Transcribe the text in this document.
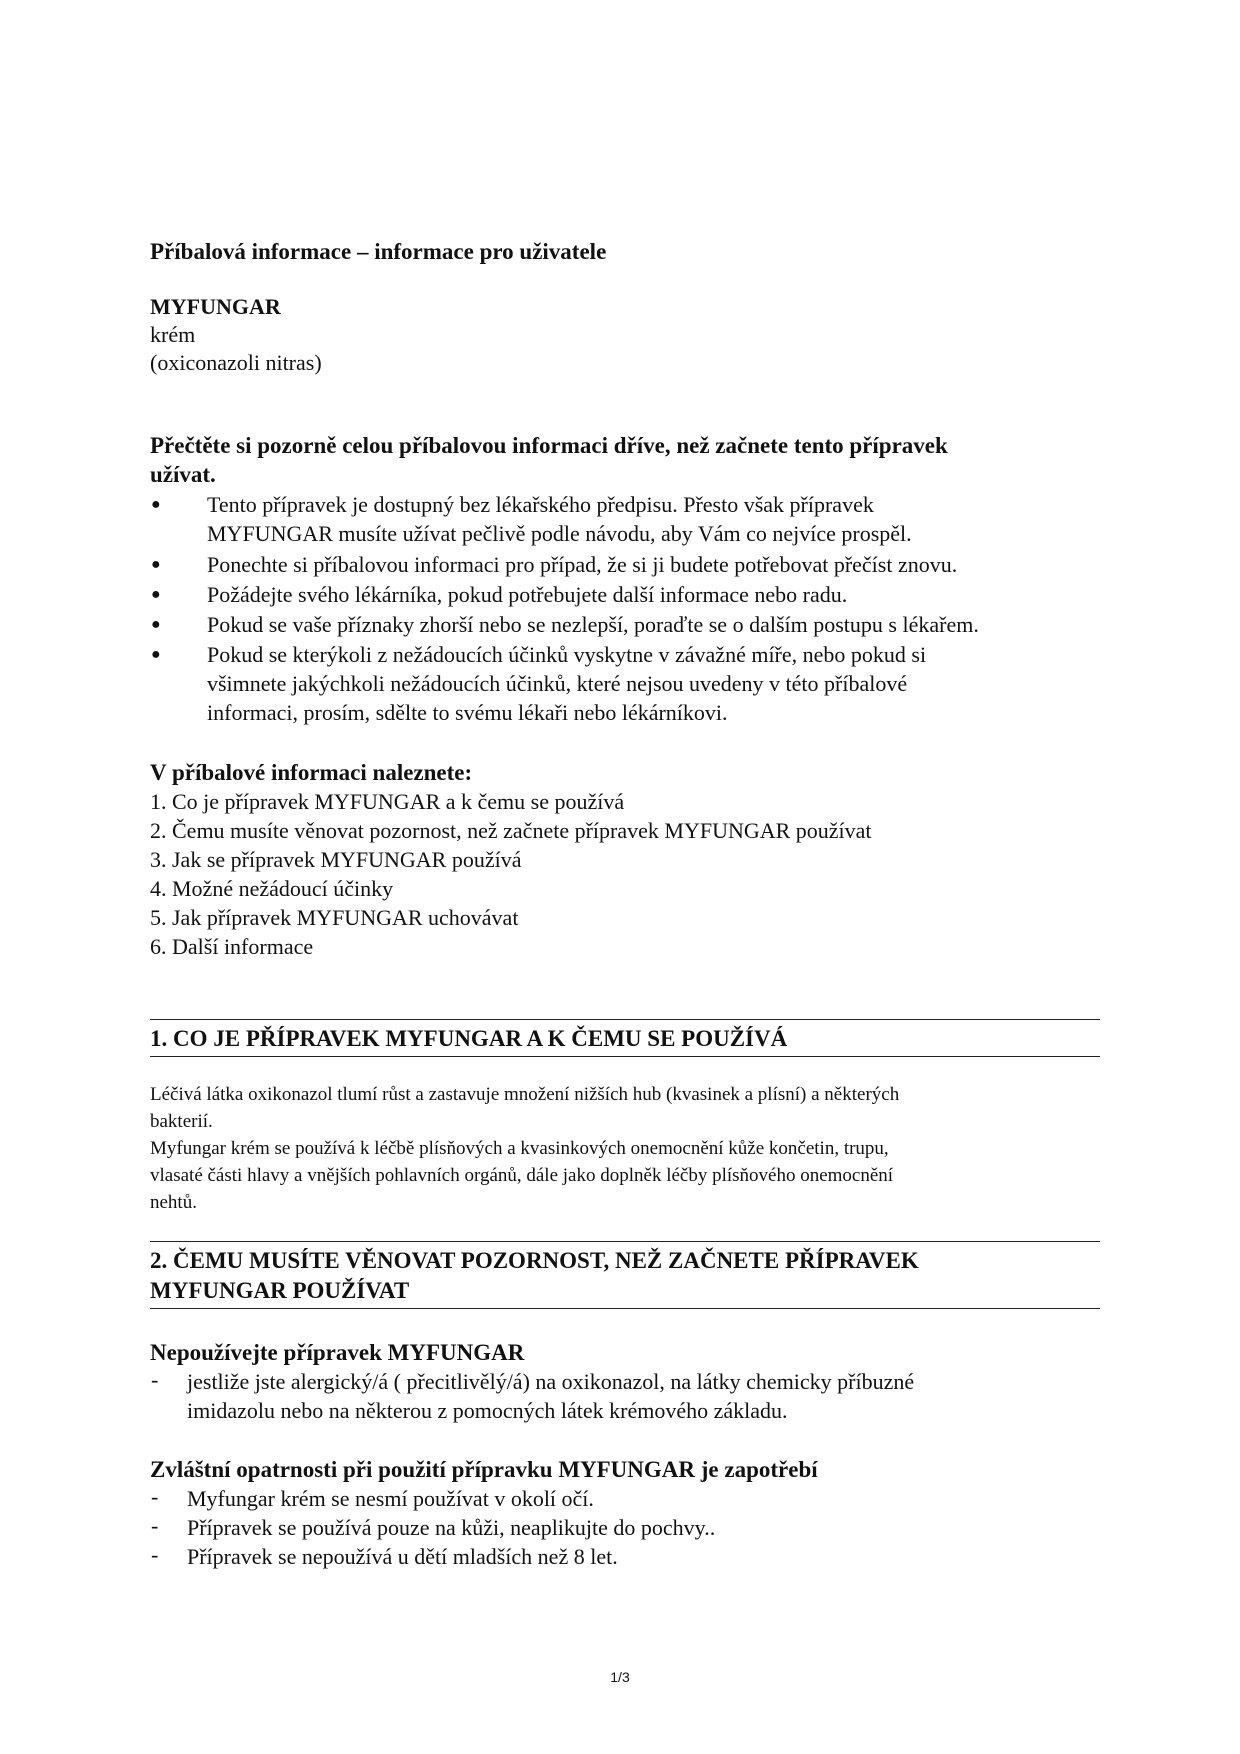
Příbalová informace – informace pro uživatele
MYFUNGAR
krém
(oxiconazoli nitras)
Přečtěte si pozorně celou příbalovou informaci dříve, než začnete tento přípravek
užívat.
● Tento přípravek je dostupný bez lékařského předpisu. Přesto však přípravek
MYFUNGAR musíte užívat pečlivě podle návodu, aby Vám co nejvíce prospěl.
● Ponechte si příbalovou informaci pro případ, že si ji budete potřebovat přečíst znovu.
● Požádejte svého lékárníka, pokud potřebujete další informace nebo radu.
● Pokud se vaše příznaky zhorší nebo se nezlepší, poraďte se o dalším postupu s lékařem.
● Pokud se kterýkoli z nežádoucích účinků vyskytne v závažné míře, nebo pokud si
všimnete jakýchkoli nežádoucích účinků, které nejsou uvedeny v této příbalové
informaci, prosím, sdělte to svému lékaři nebo lékárníkovi.
V příbalové informaci naleznete:
1. Co je přípravek MYFUNGAR a k čemu se používá
2. Čemu musíte věnovat pozornost, než začnete přípravek MYFUNGAR používat
3. Jak se přípravek MYFUNGAR používá
4. Možné nežádoucí účinky
5. Jak přípravek MYFUNGAR uchovávat
6. Další informace
1. CO JE PŘÍPRAVEK MYFUNGAR A K ČEMU SE POUŽÍVÁ
Léčivá látka oxikonazol tlumí růst a zastavuje množení nižších hub (kvasinek a plísní) a některých
bakterií.
Myfungar krém se používá k léčbě plísňových a kvasinkových onemocnění kůže končetin, trupu,
vlasaté části hlavy a vnějších pohlavních orgánů, dále jako doplněk léčby plísňového onemocnění
nehtů.
2. ČEMU MUSÍTE VĚNOVAT POZORNOST, NEŽ ZAČNETE PŘÍPRAVEK
MYFUNGAR POUŽÍVAT
Nepoužívejte přípravek MYFUNGAR
- jestliže jste alergický/á ( přecitlivělý/á) na oxikonazol, na látky chemicky příbuzné
imidazolu nebo na některou z pomocných látek krémového základu.
Zvláštní opatrnosti při použití přípravku MYFUNGAR je zapotřebí
- Myfungar krém se nesmí používat v okolí očí.
- Přípravek se používá pouze na kůži, neaplikujte do pochvy..
- Přípravek se nepoužívá u dětí mladších než 8 let.
1/3
